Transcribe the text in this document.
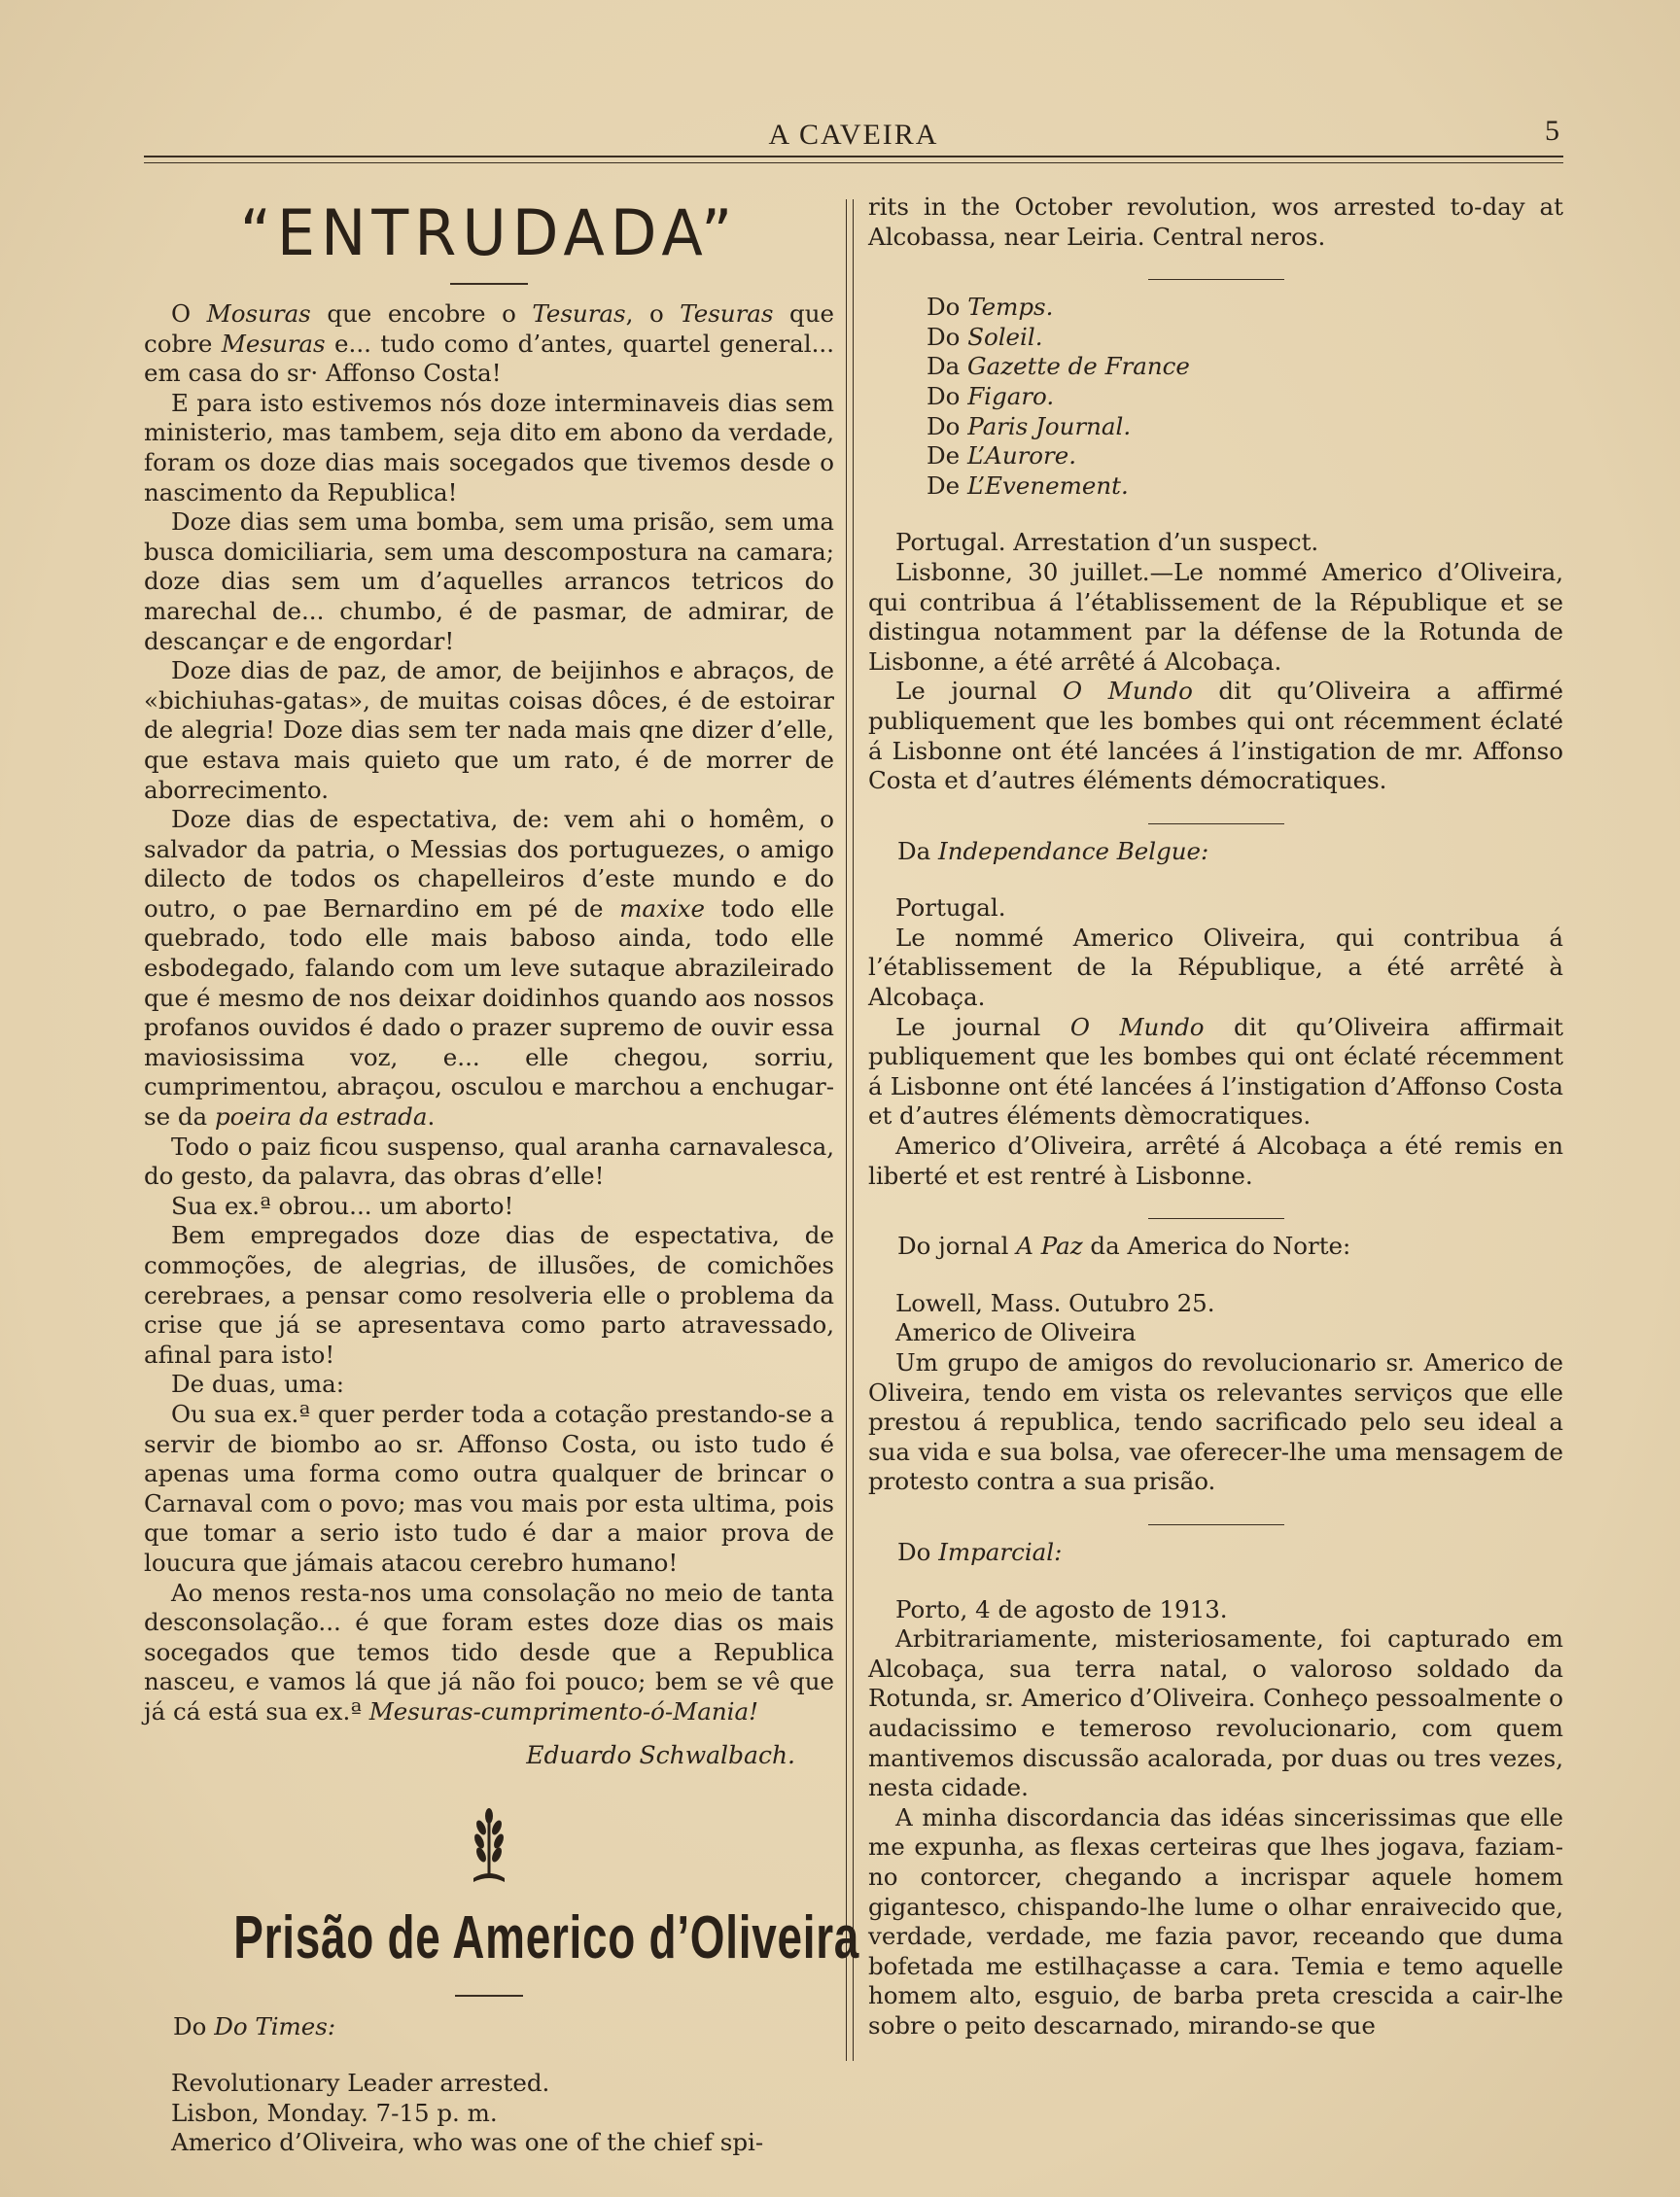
A CAVEIRA	5
“ENTRUDADA”

O Mosuras que encobre o Tesuras, o Tesuras que cobre Mesuras e... tudo como d’antes, quartel general... em casa do sr· Affonso Costa!

E para isto estivemos nós doze interminaveis dias sem ministerio, mas tambem, seja dito em abono da verdade, foram os doze dias mais socegados que tivemos desde o nascimento da Republica!

Doze dias sem uma bomba, sem uma prisão, sem uma busca domiciliaria, sem uma descompostura na camara; doze dias sem um d’aquelles arrancos tetricos do marechal de... chumbo, é de pasmar, de admirar, de descançar e de engordar!

Doze dias de paz, de amor, de beijinhos e abraços, de «bichiuhas-gatas», de muitas coisas dôces, é de estoirar de alegria! Doze dias sem ter nada mais qne dizer d’elle, que estava mais quieto que um rato, é de morrer de aborrecimento.

Doze dias de espectativa, de: vem ahi o homêm, o salvador da patria, o Messias dos portuguezes, o amigo dilecto de todos os chapelleiros d’este mundo e do outro, o pae Bernardino em pé de maxixe todo elle quebrado, todo elle mais baboso ainda, todo elle esbodegado, falando com um leve sutaque abrazileirado que é mesmo de nos deixar doidinhos quando aos nossos profanos ouvidos é dado o prazer supremo de ouvir essa maviosissima voz, e... elle chegou, sorriu, cumprimentou, abraçou, osculou e marchou a enchugar-se da poeira da estrada.

Todo o paiz ficou suspenso, qual aranha carnavalesca, do gesto, da palavra, das obras d’elle!

Sua ex.ª obrou... um aborto!

Bem empregados doze dias de espectativa, de commoções, de alegrias, de illusões, de comichões cerebraes, a pensar como resolveria elle o problema da crise que já se apresentava como parto atravessado, afinal para isto!

De duas, uma:

Ou sua ex.ª quer perder toda a cotação prestando-se a servir de biombo ao sr. Affonso Costa, ou isto tudo é apenas uma forma como outra qualquer de brincar o Carnaval com o povo; mas vou mais por esta ultima, pois que tomar a serio isto tudo é dar a maior prova de loucura que jámais atacou cerebro humano!

Ao menos resta-nos uma consolação no meio de tanta desconsolação... é que foram estes doze dias os mais socegados que temos tido desde que a Republica nasceu, e vamos lá que já não foi pouco; bem se vê que já cá está sua ex.ª Mesuras-cumprimento-ó-Mania!

Eduardo Schwalbach.
Prisão de Americo d’Oliveira

Do Do Times:

Revolutionary Leader arrested.

Lisbon, Monday. 7-15 p. m.

Americo d’Oliveira, who was one of the chief spi-

rits in the October revolution, wos arrested to-day at Alcobassa, near Leiria. Central neros.

Do Temps.

Do Soleil.

Da Gazette de France

Do Figaro.

Do Paris Journal.

De L’Aurore.

De L’Evenement.

Portugal. Arrestation d’un suspect.

Lisbonne, 30 juillet.—Le nommé Americo d’Oliveira, qui contribua á l’établissement de la République et se distingua notamment par la défense de la Rotunda de Lisbonne, a été arrêté á Alcobaça.

Le journal O Mundo dit qu’Oliveira a affirmé publiquement que les bombes qui ont récemment éclaté á Lisbonne ont été lancées á l’instigation de mr. Affonso Costa et d’autres éléments démocratiques.

Da Independance Belgue:

Portugal.

Le nommé Americo Oliveira, qui contribua á l’établissement de la République, a été arrêté à Alcobaça.

Le journal O Mundo dit qu’Oliveira affirmait publiquement que les bombes qui ont éclaté récemment á Lisbonne ont été lancées á l’instigation d’Affonso Costa et d’autres éléments dèmocratiques.

Americo d’Oliveira, arrêté á Alcobaça a été remis en liberté et est rentré à Lisbonne.

Do jornal A Paz da America do Norte:

Lowell, Mass. Outubro 25.

Americo de Oliveira

Um grupo de amigos do revolucionario sr. Americo de Oliveira, tendo em vista os relevantes serviços que elle prestou á republica, tendo sacrificado pelo seu ideal a sua vida e sua bolsa, vae oferecer-lhe uma mensagem de protesto contra a sua prisão.

Do Imparcial:

Porto, 4 de agosto de 1913.

Arbitrariamente, misteriosamente, foi capturado em Alcobaça, sua terra natal, o valoroso soldado da Rotunda, sr. Americo d’Oliveira. Conheço pessoalmente o audacissimo e temeroso revolucionario, com quem mantivemos discussão acalorada, por duas ou tres vezes, nesta cidade.

A minha discordancia das idéas sincerissimas que elle me expunha, as flexas certeiras que lhes jogava, faziam-no contorcer, chegando a incrispar aquele homem gigantesco, chispando-lhe lume o olhar enraivecido que, verdade, verdade, me fazia pavor, receando que duma bofetada me estilhaçasse a cara. Temia e temo aquelle homem alto, esguio, de barba preta crescida a cair-lhe sobre o peito descarnado, mirando-se que
